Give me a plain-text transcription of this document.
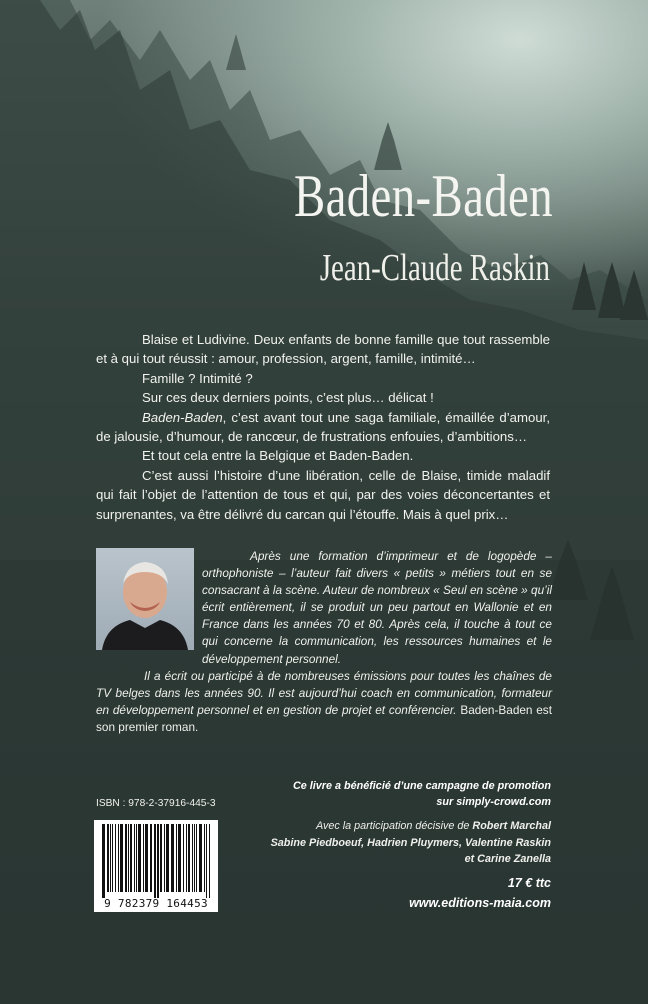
Baden-Baden
Jean-Claude Raskin

Blaise et Ludivine. Deux enfants de bonne famille que tout rassemble et à qui tout réussit : amour, profession, argent, famille, intimité…

Famille ? Intimité ?

Sur ces deux derniers points, c’est plus… délicat !

Baden-Baden, c’est avant tout une saga familiale, émaillée d’amour, de jalousie, d’humour, de rancœur, de frustrations enfouies, d’ambitions…

Et tout cela entre la Belgique et Baden-Baden.

C’est aussi l’histoire d’une libération, celle de Blaise, timide maladif qui fait l’objet de l’attention de tous et qui, par des voies déconcertantes et surprenantes, va être délivré du carcan qui l’étouffe. Mais à quel prix…

Après une formation d’imprimeur et de logopède – orthophoniste – l’auteur fait divers « petits » métiers tout en se consacrant à la scène. Auteur de nombreux « Seul en scène » qu’il écrit entièrement, il se produit un peu partout en Wallonie et en France dans les années 70 et 80. Après cela, il touche à tout ce qui concerne la communication, les ressources humaines et le développement personnel.

Il a écrit ou participé à de nombreuses émissions pour toutes les chaînes de TV belges dans les années 90. Il est aujourd’hui coach en communication, formateur en développement personnel et en gestion de projet et conférencier. Baden-Baden est son premier roman.

Ce livre a bénéficié d’une campagne de promotion
sur simply-crowd.com
Avec la participation décisive de Robert Marchal
Sabine Piedboeuf, Hadrien Pluymers, Valentine Raskin
et Carine Zanella
17 € ttc
www.editions-maia.com
ISBN : 978-2-37916-445-3
9 782379 164453
